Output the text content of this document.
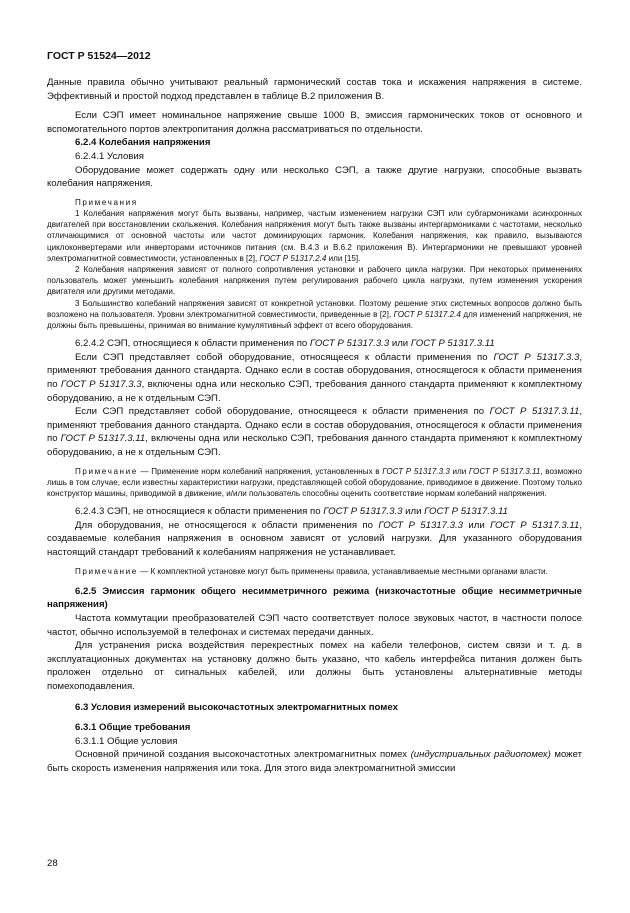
ГОСТ Р 51524—2012

Данные правила обычно учитывают реальный гармонический состав тока и искажения напряжения в системе. Эффективный и простой подход представлен в таблице В.2 приложения В.

Если СЭП имеет номинальное напряжение свыше 1000 В, эмиссия гармонических токов от основного и вспомогательного портов электропитания должна рассматриваться по отдельности.

6.2.4 Колебания напряжения

6.2.4.1 Условия

Оборудование может содержать одну или несколько СЭП, а также другие нагрузки, способные вызвать колебания напряжения.

Примечания

1 Колебания напряжения могут быть вызваны, например, частым изменением нагрузки СЭП или субгармониками асинхронных двигателей при восстановлении скольжения. Колебания напряжения могут быть также вызваны интергармониками с частотами, несколько отличающимися от основной частоты или частот доминирующих гармоник. Колебания напряжения, как правило, вызываются циклоконвертерами или инверторами источников питания (см. В.4.3 и В.6.2 приложения В). Интергармоники не превышают уровней электромагнитной совместимости, установленных в [2], ГОСТ Р 51317.2.4 или [15].

2 Колебания напряжения зависят от полного сопротивления установки и рабочего цикла нагрузки. При некоторых применениях пользователь может уменьшить колебания напряжения путем регулирования рабочего цикла нагрузки, путем изменения ускорения двигателя или другими методами.

3 Большинство колебаний напряжения зависят от конкретной установки. Поэтому решение этих системных вопросов должно быть возложено на пользователя. Уровни электромагнитной совместимости, приведенные в [2], ГОСТ Р 51317.2.4 для изменений напряжения, не должны быть превышены, принимая во внимание кумулятивный эффект от всего оборудования.

6.2.4.2 СЭП, относящиеся к области применения по ГОСТ Р 51317.3.3 или ГОСТ Р 51317.3.11

Если СЭП представляет собой оборудование, относящееся к области применения по ГОСТ Р 51317.3.3, применяют требования данного стандарта. Однако если в состав оборудования, относящегося к области применения по ГОСТ Р 51317.3.3, включены одна или несколько СЭП, требования данного стандарта применяют к комплектному оборудованию, а не к отдельным СЭП.

Если СЭП представляет собой оборудование, относящееся к области применения по ГОСТ Р 51317.3.11, применяют требования данного стандарта. Однако если в состав оборудования, относящегося к области применения по ГОСТ Р 51317.3.11, включены одна или несколько СЭП, требования данного стандарта применяют к комплектному оборудованию, а не к отдельным СЭП.

Примечание — Применение норм колебаний напряжения, установленных в ГОСТ Р 51317.3.3 или ГОСТ Р 51317.3.11, возможно лишь в том случае, если известны характеристики нагрузки, представляющей собой оборудование, приводимое в движение. Поэтому только конструктор машины, приводимой в движение, и/или пользователь способны оценить соответствие нормам колебаний напряжения.

6.2.4.3 СЭП, не относящиеся к области применения по ГОСТ Р 51317.3.3 или ГОСТ Р 51317.3.11

Для оборудования, не относящегося к области применения по ГОСТ Р 51317.3.3 или ГОСТ Р 51317.3.11, создаваемые колебания напряжения в основном зависят от условий нагрузки. Для указанного оборудования настоящий стандарт требований к колебаниям напряжения не устанавливает.

Примечание — К комплектной установке могут быть применены правила, устанавливаемые местными органами власти.

6.2.5 Эмиссия гармоник общего несимметричного режима (низкочастотные общие несимметричные напряжения)

Частота коммутации преобразователей СЭП часто соответствует полосе звуковых частот, в частности полосе частот, обычно используемой в телефонах и системах передачи данных.

Для устранения риска воздействия перекрестных помех на кабели телефонов, систем связи и т. д. в эксплуатационных документах на установку должно быть указано, что кабель интерфейса питания должен быть проложен отдельно от сигнальных кабелей, или должны быть установлены альтернативные методы помехоподавления.

6.3 Условия измерений высокочастотных электромагнитных помех

6.3.1 Общие требования

6.3.1.1 Общие условия

Основной причиной создания высокочастотных электромагнитных помех (индустриальных радиопомех) может быть скорость изменения напряжения или тока. Для этого вида электромагнитной эмиссии

28
